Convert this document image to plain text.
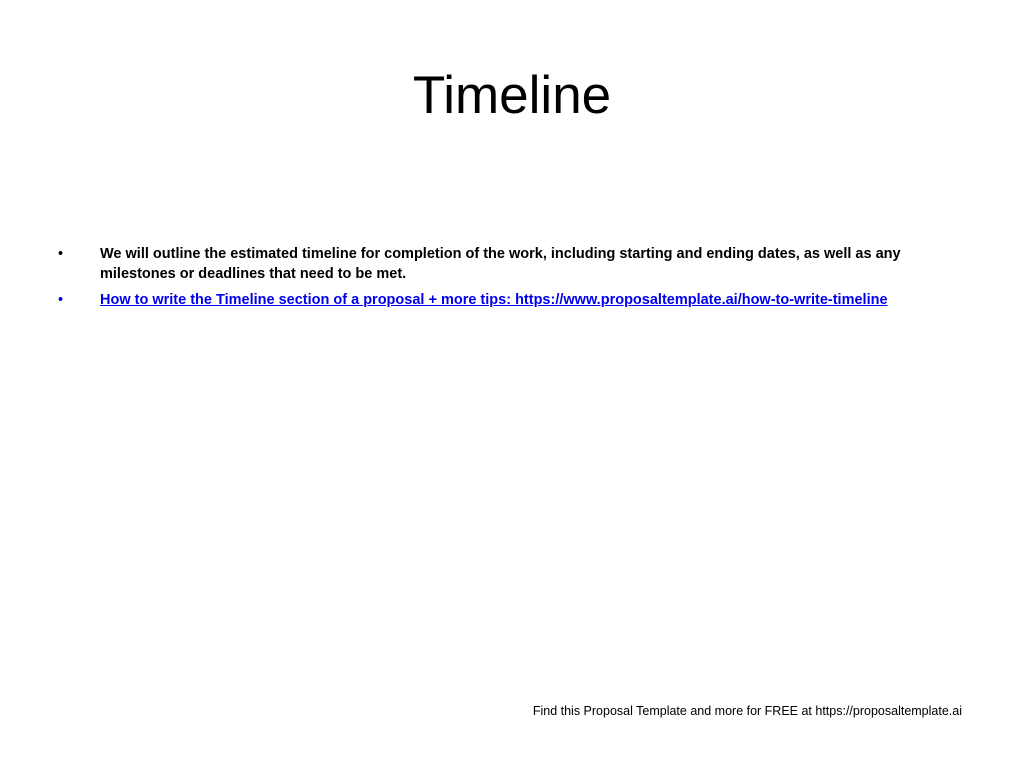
Timeline
•	We will outline the estimated timeline for completion of the work, including starting and ending dates, as well as any milestones or deadlines that need to be met.
•	How to write the Timeline section of a proposal + more tips: https://www.proposaltemplate.ai/how-to-write-timeline
Find this Proposal Template and more for FREE at https://proposaltemplate.ai
